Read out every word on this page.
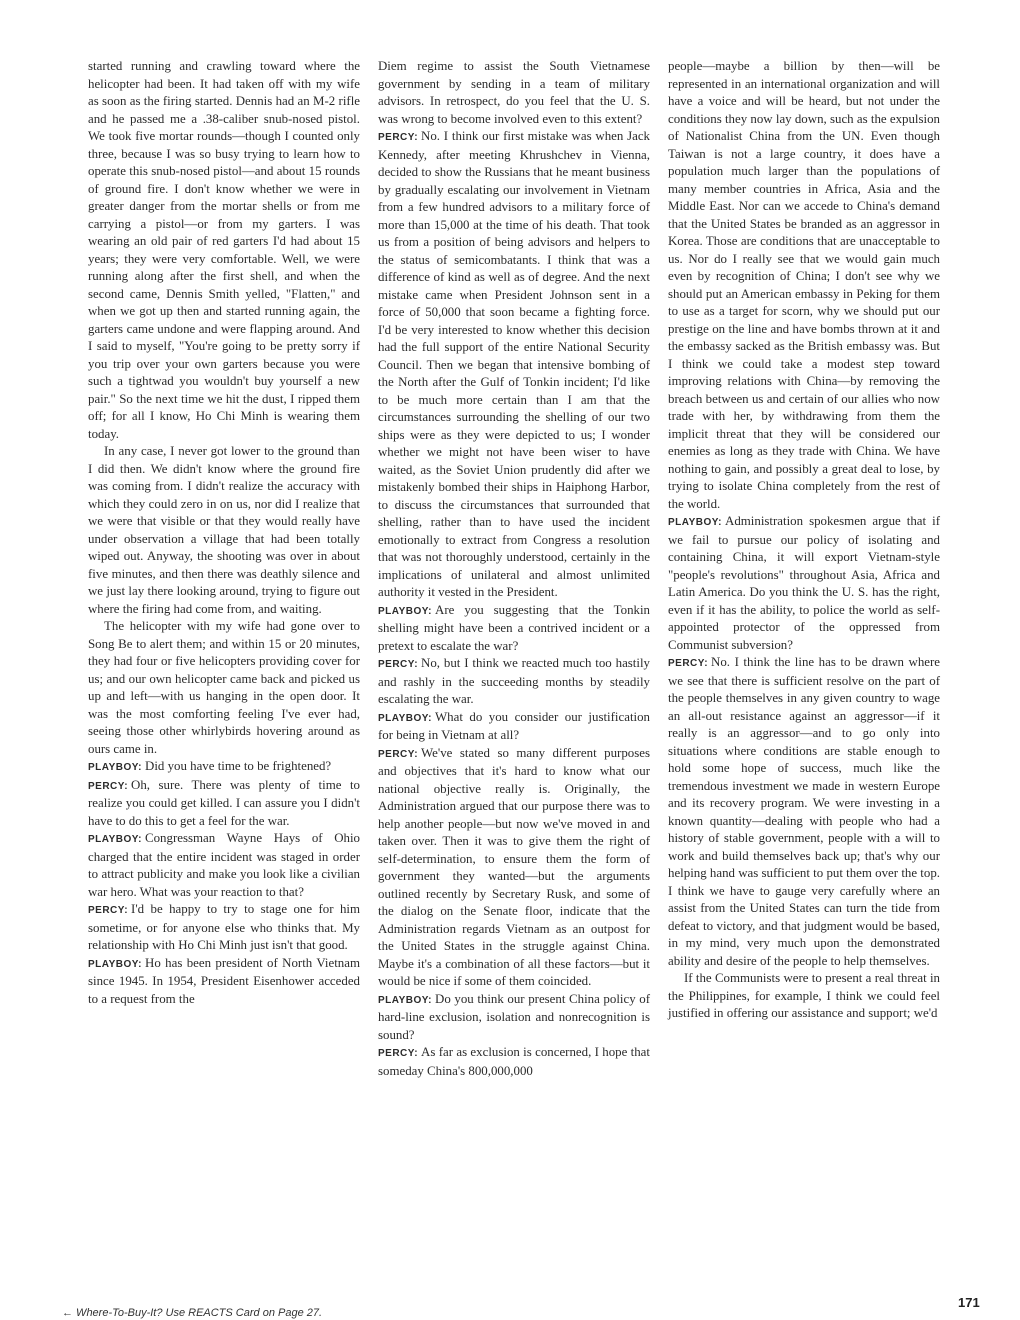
started running and crawling toward where the helicopter had been. It had taken off with my wife as soon as the firing started. Dennis had an M-2 rifle and he passed me a .38-caliber snub-nosed pistol. We took five mortar rounds—though I counted only three, because I was so busy trying to learn how to operate this snub-nosed pistol—and about 15 rounds of ground fire. I don't know whether we were in greater danger from the mortar shells or from me carrying a pistol—or from my garters. I was wearing an old pair of red garters I'd had about 15 years; they were very comfortable. Well, we were running along after the first shell, and when the second came, Dennis Smith yelled, "Flatten," and when we got up then and started running again, the garters came undone and were flapping around. And I said to myself, "You're going to be pretty sorry if you trip over your own garters because you were such a tightwad you wouldn't buy yourself a new pair." So the next time we hit the dust, I ripped them off; for all I know, Ho Chi Minh is wearing them today.

In any case, I never got lower to the ground than I did then. We didn't know where the ground fire was coming from. I didn't realize the accuracy with which they could zero in on us, nor did I realize that we were that visible or that they would really have under observation a village that had been totally wiped out. Anyway, the shooting was over in about five minutes, and then there was deathly silence and we just lay there looking around, trying to figure out where the firing had come from, and waiting.

The helicopter with my wife had gone over to Song Be to alert them; and within 15 or 20 minutes, they had four or five helicopters providing cover for us; and our own helicopter came back and picked us up and left—with us hanging in the open door. It was the most comforting feeling I've ever had, seeing those other whirlybirds hovering around as ours came in.

PLAYBOY: Did you have time to be frightened?

PERCY: Oh, sure. There was plenty of time to realize you could get killed. I can assure you I didn't have to do this to get a feel for the war.

PLAYBOY: Congressman Wayne Hays of Ohio charged that the entire incident was staged in order to attract publicity and make you look like a civilian war hero. What was your reaction to that?

PERCY: I'd be happy to try to stage one for him sometime, or for anyone else who thinks that. My relationship with Ho Chi Minh just isn't that good.

PLAYBOY: Ho has been president of North Vietnam since 1945. In 1954, President Eisenhower acceded to a request from the

Diem regime to assist the South Vietnamese government by sending in a team of military advisors. In retrospect, do you feel that the U. S. was wrong to become involved even to this extent?

PERCY: No. I think our first mistake was when Jack Kennedy, after meeting Khrushchev in Vienna, decided to show the Russians that he meant business by gradually escalating our involvement in Vietnam from a few hundred advisors to a military force of more than 15,000 at the time of his death. That took us from a position of being advisors and helpers to the status of semicombatants. I think that was a difference of kind as well as of degree. And the next mistake came when President Johnson sent in a force of 50,000 that soon became a fighting force. I'd be very interested to know whether this decision had the full support of the entire National Security Council. Then we began that intensive bombing of the North after the Gulf of Tonkin incident; I'd like to be much more certain than I am that the circumstances surrounding the shelling of our two ships were as they were depicted to us; I wonder whether we might not have been wiser to have waited, as the Soviet Union prudently did after we mistakenly bombed their ships in Haiphong Harbor, to discuss the circumstances that surrounded that shelling, rather than to have used the incident emotionally to extract from Congress a resolution that was not thoroughly understood, certainly in the implications of unilateral and almost unlimited authority it vested in the President.

PLAYBOY: Are you suggesting that the Tonkin shelling might have been a contrived incident or a pretext to escalate the war?

PERCY: No, but I think we reacted much too hastily and rashly in the succeeding months by steadily escalating the war.

PLAYBOY: What do you consider our justification for being in Vietnam at all?

PERCY: We've stated so many different purposes and objectives that it's hard to know what our national objective really is. Originally, the Administration argued that our purpose there was to help another people—but now we've moved in and taken over. Then it was to give them the right of self-determination, to ensure them the form of government they wanted—but the arguments outlined recently by Secretary Rusk, and some of the dialog on the Senate floor, indicate that the Administration regards Vietnam as an outpost for the United States in the struggle against China. Maybe it's a combination of all these factors—but it would be nice if some of them coincided.

PLAYBOY: Do you think our present China policy of hard-line exclusion, isolation and nonrecognition is sound?

PERCY: As far as exclusion is concerned, I hope that someday China's 800,000,000

people—maybe a billion by then—will be represented in an international organization and will have a voice and will be heard, but not under the conditions they now lay down, such as the expulsion of Nationalist China from the UN. Even though Taiwan is not a large country, it does have a population much larger than the populations of many member countries in Africa, Asia and the Middle East. Nor can we accede to China's demand that the United States be branded as an aggressor in Korea. Those are conditions that are unacceptable to us. Nor do I really see that we would gain much even by recognition of China; I don't see why we should put an American embassy in Peking for them to use as a target for scorn, why we should put our prestige on the line and have bombs thrown at it and the embassy sacked as the British embassy was. But I think we could take a modest step toward improving relations with China—by removing the breach between us and certain of our allies who now trade with her, by withdrawing from them the implicit threat that they will be considered our enemies as long as they trade with China. We have nothing to gain, and possibly a great deal to lose, by trying to isolate China completely from the rest of the world.

PLAYBOY: Administration spokesmen argue that if we fail to pursue our policy of isolating and containing China, it will export Vietnam-style "people's revolutions" throughout Asia, Africa and Latin America. Do you think the U. S. has the right, even if it has the ability, to police the world as self-appointed protector of the oppressed from Communist subversion?

PERCY: No. I think the line has to be drawn where we see that there is sufficient resolve on the part of the people themselves in any given country to wage an all-out resistance against an aggressor—if it really is an aggressor—and to go only into situations where conditions are stable enough to hold some hope of success, much like the tremendous investment we made in western Europe and its recovery program. We were investing in a known quantity—dealing with people who had a history of stable government, people with a will to work and build themselves back up; that's why our helping hand was sufficient to put them over the top. I think we have to gauge very carefully where an assist from the United States can turn the tide from defeat to victory, and that judgment would be based, in my mind, very much upon the demonstrated ability and desire of the people to help themselves.

If the Communists were to present a real threat in the Philippines, for example, I think we could feel justified in offering our assistance and support; we'd

171
← Where-To-Buy-It? Use REACTS Card on Page 27.
